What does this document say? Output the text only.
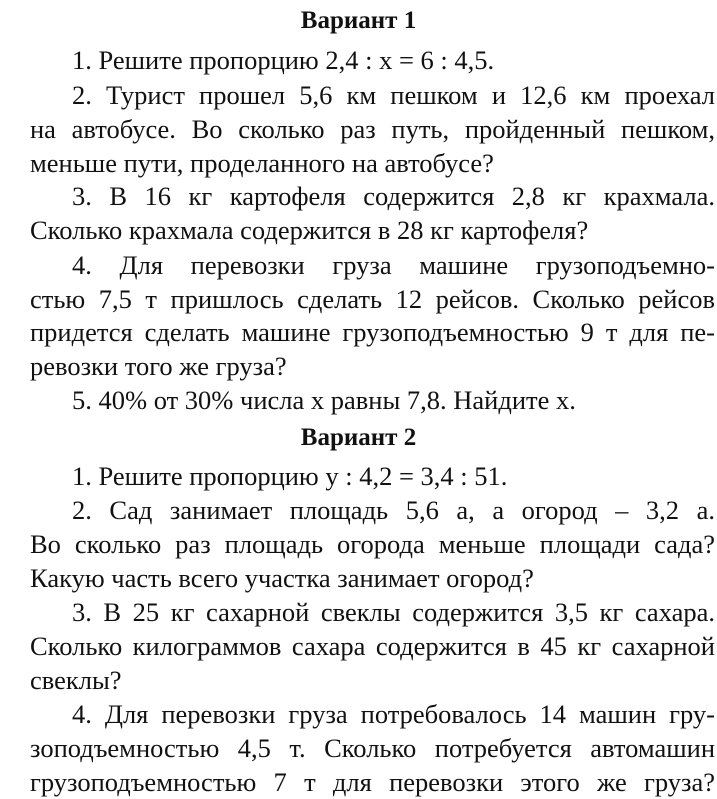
Вариант 1

1. Решите пропорцию 2,4 : x = 6 : 4,5.

2. Турист прошел 5,6 км пешком и 12,6 км проехал

на автобусе. Во сколько раз путь, пройденный пешком,

меньше пути, проделанного на автобусе?

3. В 16 кг картофеля содержится 2,8 кг крахмала.

Сколько крахмала содержится в 28 кг картофеля?

4. Для перевозки груза машине грузоподъемно-

стью 7,5 т пришлось сделать 12 рейсов. Сколько рейсов

придется сделать машине грузоподъемностью 9 т для пе-

ревозки того же груза?

5. 40% от 30% числа x равны 7,8. Найдите x.

Вариант 2

1. Решите пропорцию y : 4,2 = 3,4 : 51.

2. Сад занимает площадь 5,6 а, а огород – 3,2 а.

Во сколько раз площадь огорода меньше площади сада?

Какую часть всего участка занимает огород?

3. В 25 кг сахарной свеклы содержится 3,5 кг сахара.

Сколько килограммов сахара содержится в 45 кг сахарной

свеклы?

4. Для перевозки груза потребовалось 14 машин гру-

зоподъемностью 4,5 т. Сколько потребуется автомашин

грузоподъемностью 7 т для перевозки этого же груза?
